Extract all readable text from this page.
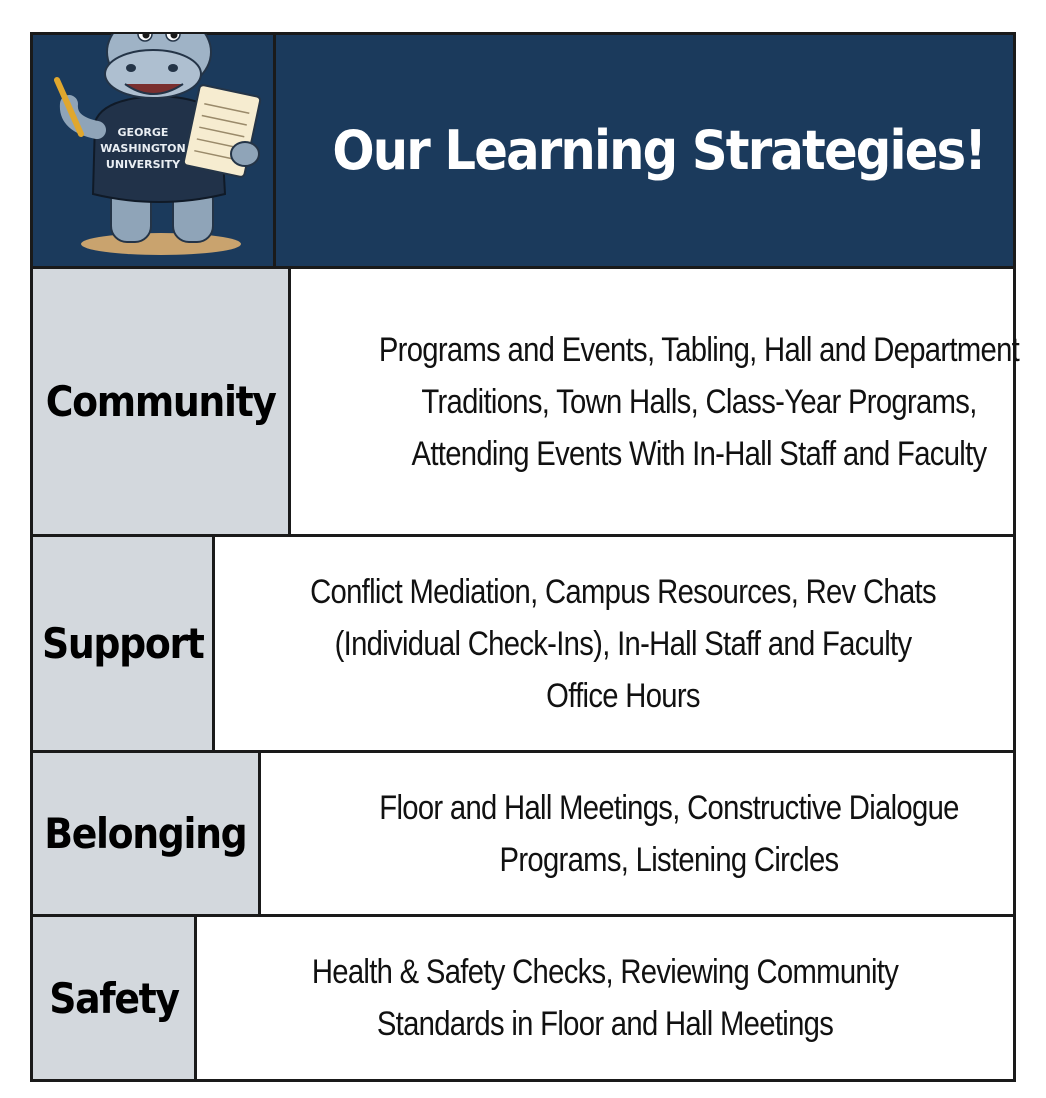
GEORGE
WASHINGTON
UNIVERSITY	Our Learning Strategies!
Community
Programs and Events, Tabling, Hall and Department Traditions, Town Halls, Class-Year Programs, Attending Events With In-Hall Staff and Faculty
Support
Conflict Mediation, Campus Resources, Rev Chats (Individual Check-Ins), In-Hall Staff and Faculty Office Hours
Belonging
Floor and Hall Meetings, Constructive Dialogue Programs, Listening Circles
Safety
Health & Safety Checks, Reviewing Community Standards in Floor and Hall Meetings
